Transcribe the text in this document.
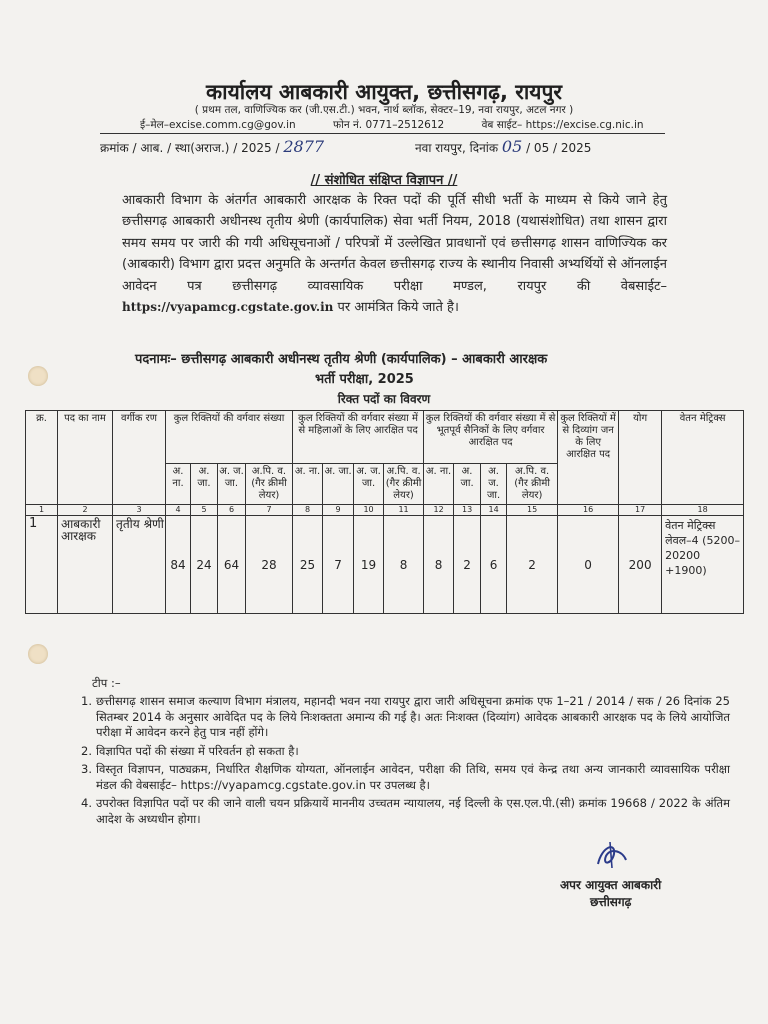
कार्यालय आबकारी आयुक्त, छत्तीसगढ़, रायपुर
( प्रथम तल, वाणिज्यिक कर (जी.एस.टी.) भवन, नार्थ ब्लॉक, सेक्टर–19, नवा रायपुर, अटल नगर )
ई–मेल–excise.comm.cg@gov.in	फोन नं. 0771–2512612	वेब साईट– https://excise.cg.nic.in
क्रमांक / आब. / स्था(अराज.) / 2025 / 2877	नवा रायपुर, दिनांक 05 / 05 / 2025
// संशोधित संक्षिप्त विज्ञापन //
आबकारी विभाग के अंतर्गत आबकारी आरक्षक के रिक्त पदों की पूर्ति सीधी भर्ती के माध्यम से किये जाने हेतु छत्तीसगढ़ आबकारी अधीनस्थ तृतीय श्रेणी (कार्यपालिक) सेवा भर्ती नियम, 2018 (यथासंशोधित) तथा शासन द्वारा समय समय पर जारी की गयी अधिसूचनाओं / परिपत्रों में उल्लेखित प्रावधानों एवं छत्तीसगढ़ शासन वाणिज्यिक कर (आबकारी) विभाग द्वारा प्रदत्त अनुमति के अन्तर्गत केवल छत्तीसगढ़ राज्य के स्थानीय निवासी अभ्यर्थियों से ऑनलाईन आवेदन पत्र छत्तीसगढ़ व्यावसायिक परीक्षा मण्डल, रायपुर की वेबसाईट– https://vyapamcg.cgstate.gov.in पर आमंत्रित किये जाते है।
पदनामः– छत्तीसगढ़ आबकारी अधीनस्थ तृतीय श्रेणी (कार्यपालिक) – आबकारी आरक्षक
भर्ती परीक्षा, 2025
रिक्त पदों का विवरण
क्र.	पद का नाम	वर्गीक रण	कुल रिक्तियों की वर्गवार संख्या				कुल रिक्तियों की वर्गवार संख्या में से महिलाओं के लिए आरक्षित पद				कुल रिक्तियों की वर्गवार संख्या में से भूतपूर्व सैनिकों के लिए वर्गवार आरक्षित पद				कुल रिक्तियों में से दिव्यांग जन के लिए आरक्षित पद	योग	वेतन मेट्रिक्स
			अ. ना.	अ. जा.	अ. ज. जा.	अ.पि. व. (गैर क्रीमी लेयर)	अ. ना.	अ. जा.	अ. ज. जा.	अ.पि. व. (गैर क्रीमी लेयर)	अ. ना.	अ. जा.	अ. ज. जा.	अ.पि. व. (गैर क्रीमी लेयर)			
1	2	3	4	5	6	7	8	9	10	11	12	13	14	15	16	17	18
1	आबकारी आरक्षक	तृतीय श्रेणी	84	24	64	28	25	7	19	8	8	2	6	2	0	200	वेतन मेट्रिक्स लेवल–4 (5200–20200 +1900)
टीप :–
1. छत्तीसगढ़ शासन समाज कल्याण विभाग मंत्रालय, महानदी भवन नया रायपुर द्वारा जारी अधिसूचना क्रमांक एफ 1–21 / 2014 / सक / 26 दिनांक 25 सितम्बर 2014 के अनुसार आवेदित पद के लिये निःशक्तता अमान्य की गई है। अतः निःशक्त (दिव्यांग) आवेदक आबकारी आरक्षक पद के लिये आयोजित परीक्षा में आवेदन करने हेतु पात्र नहीं होंगे।
2. विज्ञापित पदों की संख्या में परिवर्तन हो सकता है।
3. विस्तृत विज्ञापन, पाठ्यक्रम, निर्धारित शैक्षणिक योग्यता, ऑनलाईन आवेदन, परीक्षा की तिथि, समय एवं केन्द्र तथा अन्य जानकारी व्यावसायिक परीक्षा मंडल की वेबसाईट– https://vyapamcg.cgstate.gov.in पर उपलब्ध है।
4. उपरोक्त विज्ञापित पदों पर की जाने वाली चयन प्रक्रियायें माननीय उच्चतम न्यायालय, नई दिल्ली के एस.एल.पी.(सी) क्रमांक 19668 / 2022 के अंतिम आदेश के अध्यधीन होगा।
अपर आयुक्त आबकारी
छत्तीसगढ़
